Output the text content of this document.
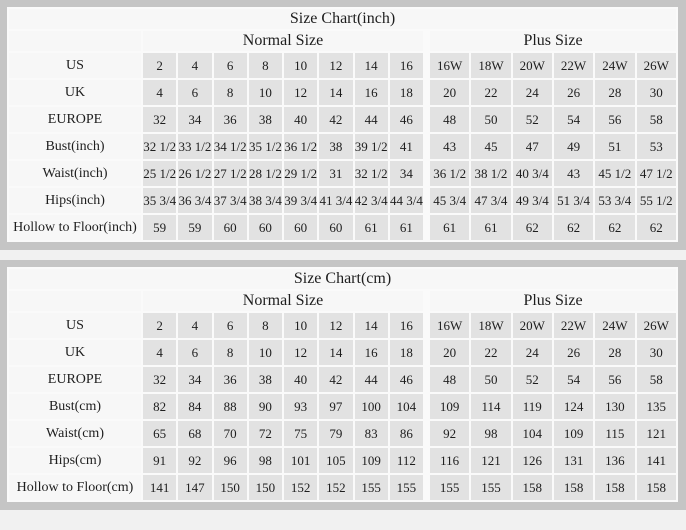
Size Chart(inch)															
	Normal Size									Plus Size					
US	2	4	6	8	10	12	14	16		16W	18W	20W	22W	24W	26W
UK	4	6	8	10	12	14	16	18		20	22	24	26	28	30
EUROPE	32	34	36	38	40	42	44	46		48	50	52	54	56	58
Bust(inch)	32 1/2	33 1/2	34 1/2	35 1/2	36 1/2	38	39 1/2	41		43	45	47	49	51	53
Waist(inch)	25 1/2	26 1/2	27 1/2	28 1/2	29 1/2	31	32 1/2	34		36 1/2	38 1/2	40 3/4	43	45 1/2	47 1/2
Hips(inch)	35 3/4	36 3/4	37 3/4	38 3/4	39 3/4	41 3/4	42 3/4	44 3/4		45 3/4	47 3/4	49 3/4	51 3/4	53 3/4	55 1/2
Hollow to Floor(inch)	59	59	60	60	60	60	61	61		61	61	62	62	62	62
Size Chart(cm)															
	Normal Size									Plus Size					
US	2	4	6	8	10	12	14	16		16W	18W	20W	22W	24W	26W
UK	4	6	8	10	12	14	16	18		20	22	24	26	28	30
EUROPE	32	34	36	38	40	42	44	46		48	50	52	54	56	58
Bust(cm)	82	84	88	90	93	97	100	104		109	114	119	124	130	135
Waist(cm)	65	68	70	72	75	79	83	86		92	98	104	109	115	121
Hips(cm)	91	92	96	98	101	105	109	112		116	121	126	131	136	141
Hollow to Floor(cm)	141	147	150	150	152	152	155	155		155	155	158	158	158	158
